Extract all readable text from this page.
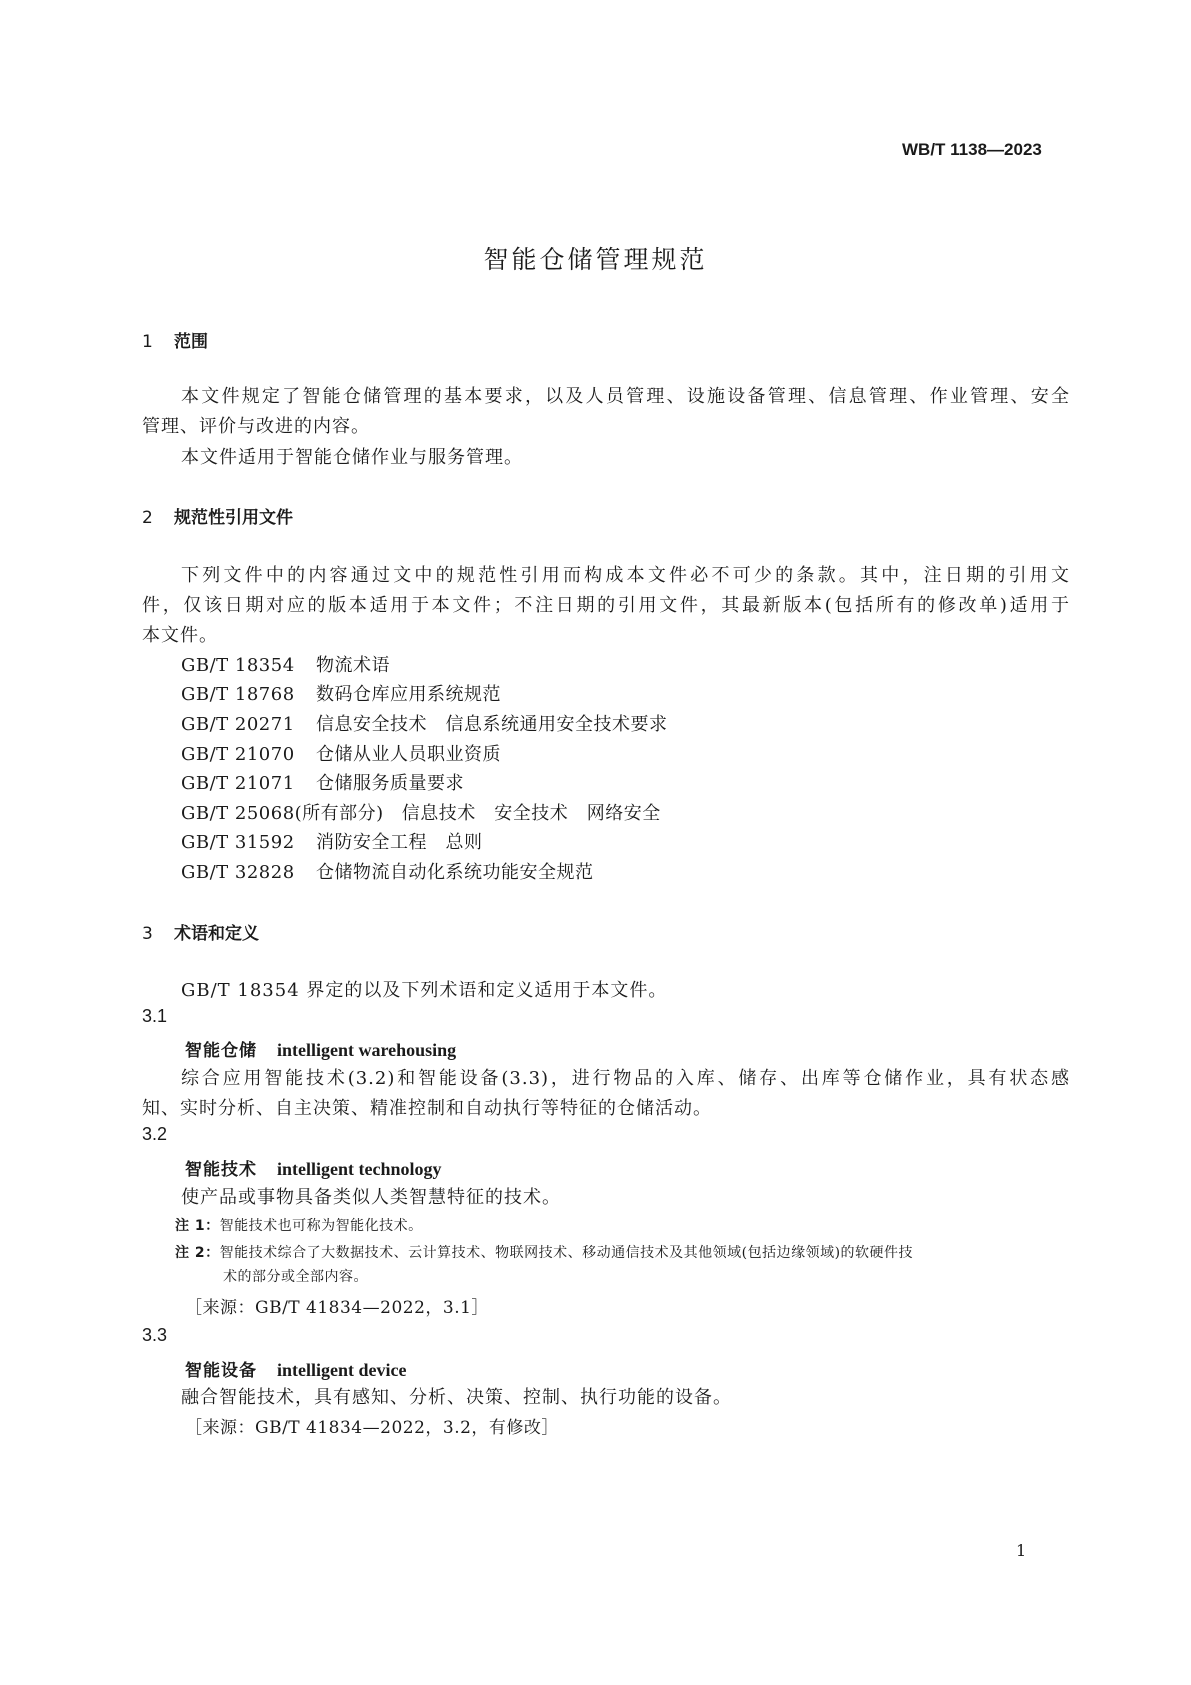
WB/T 1138—2023
智能仓储管理规范
1 范围
本文件规定了智能仓储管理的基本要求，以及人员管理、设施设备管理、信息管理、作业管理、安全
管理、评价与改进的内容。
本文件适用于智能仓储作业与服务管理。
2 规范性引用文件
下列文件中的内容通过文中的规范性引用而构成本文件必不可少的条款。其中，注日期的引用文
件，仅该日期对应的版本适用于本文件；不注日期的引用文件，其最新版本(包括所有的修改单)适用于
本文件。
GB/T 18354 物流术语
GB/T 18768 数码仓库应用系统规范
GB/T 20271 信息安全技术　信息系统通用安全技术要求
GB/T 21070 仓储从业人员职业资质
GB/T 21071 仓储服务质量要求
GB/T 25068(所有部分) 信息技术　安全技术　网络安全
GB/T 31592 消防安全工程　总则
GB/T 32828 仓储物流自动化系统功能安全规范
3 术语和定义
GB/T 18354 界定的以及下列术语和定义适用于本文件。
3.1
智能仓储 intelligent warehousing
综合应用智能技术(3.2)和智能设备(3.3)，进行物品的入库、储存、出库等仓储作业，具有状态感
知、实时分析、自主决策、精准控制和自动执行等特征的仓储活动。
3.2
智能技术 intelligent technology
使产品或事物具备类似人类智慧特征的技术。
注 1：智能技术也可称为智能化技术。
注 2：智能技术综合了大数据技术、云计算技术、物联网技术、移动通信技术及其他领域(包括边缘领域)的软硬件技
术的部分或全部内容。
［来源：GB/T 41834—2022，3.1］
3.3
智能设备 intelligent device
融合智能技术，具有感知、分析、决策、控制、执行功能的设备。
［来源：GB/T 41834—2022，3.2，有修改］
1
